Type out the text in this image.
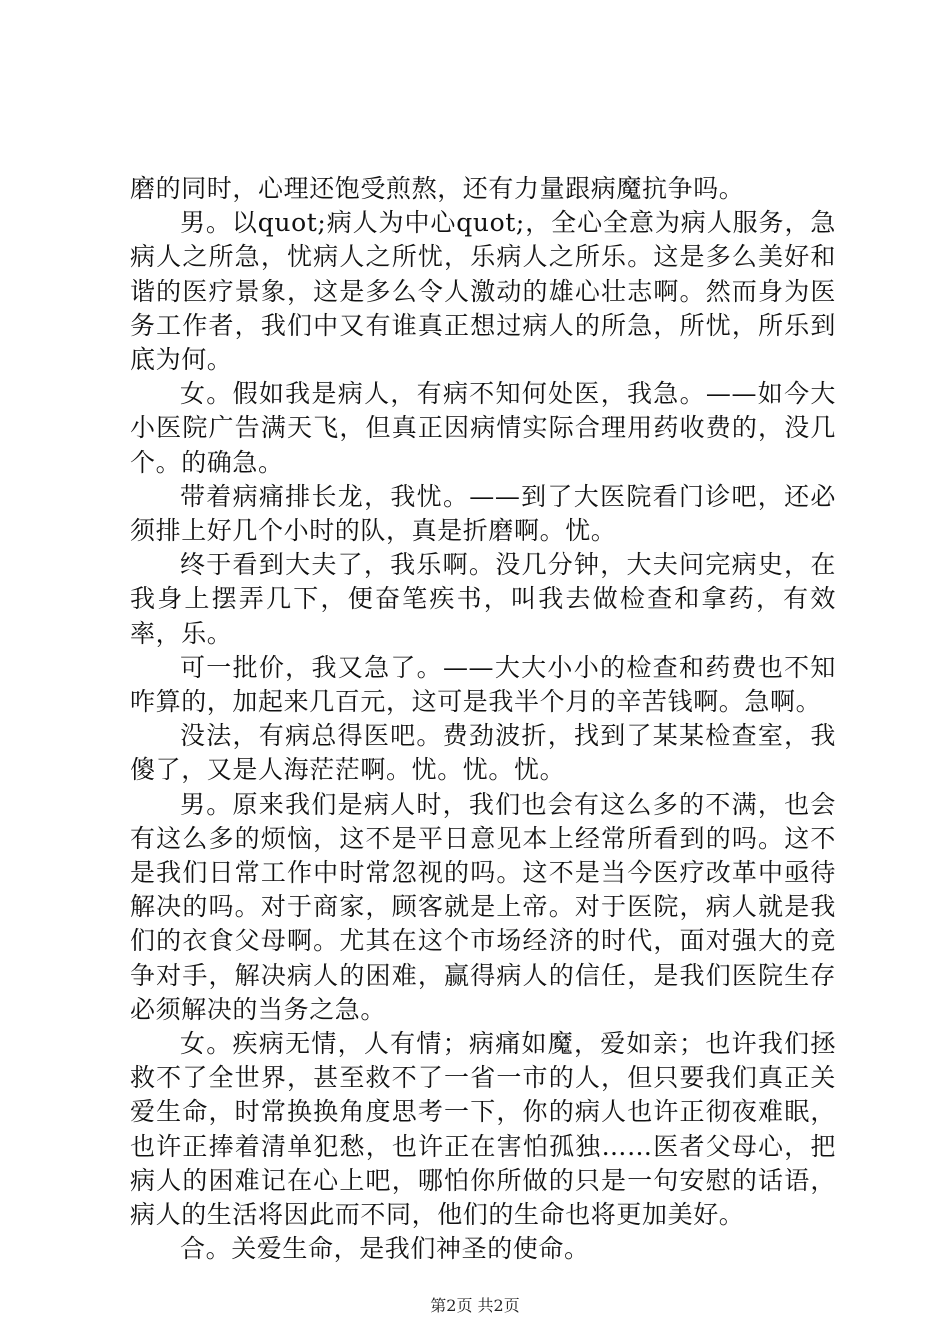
磨的同时，心理还饱受煎熬，还有力量跟病魔抗争吗。

男。以quot;病人为中心quot;，全心全意为病人服务，急病人之所急，忧病人之所忧，乐病人之所乐。这是多么美好和谐的医疗景象，这是多么令人激动的雄心壮志啊。然而身为医务工作者，我们中又有谁真正想过病人的所急，所忧，所乐到底为何。

女。假如我是病人，有病不知何处医，我急。——如今大小医院广告满天飞，但真正因病情实际合理用药收费的，没几个。的确急。

带着病痛排长龙，我忧。——到了大医院看门诊吧，还必须排上好几个小时的队，真是折磨啊。忧。

终于看到大夫了，我乐啊。没几分钟，大夫问完病史，在我身上摆弄几下，便奋笔疾书，叫我去做检查和拿药，有效率，乐。

可一批价，我又急了。——大大小小的检查和药费也不知咋算的，加起来几百元，这可是我半个月的辛苦钱啊。急啊。

没法，有病总得医吧。费劲波折，找到了某某检查室，我傻了，又是人海茫茫啊。忧。忧。忧。

男。原来我们是病人时，我们也会有这么多的不满，也会有这么多的烦恼，这不是平日意见本上经常所看到的吗。这不是我们日常工作中时常忽视的吗。这不是当今医疗改革中亟待解决的吗。对于商家，顾客就是上帝。对于医院，病人就是我们的衣食父母啊。尤其在这个市场经济的时代，面对强大的竞争对手，解决病人的困难，赢得病人的信任，是我们医院生存必须解决的当务之急。

女。疾病无情，人有情；病痛如魔，爱如亲；也许我们拯救不了全世界，甚至救不了一省一市的人，但只要我们真正关爱生命，时常换换角度思考一下，你的病人也许正彻夜难眠，也许正捧着清单犯愁，也许正在害怕孤独……医者父母心，把病人的困难记在心上吧，哪怕你所做的只是一句安慰的话语，病人的生活将因此而不同，他们的生命也将更加美好。

合。关爱生命，是我们神圣的使命。

第2页 共2页
